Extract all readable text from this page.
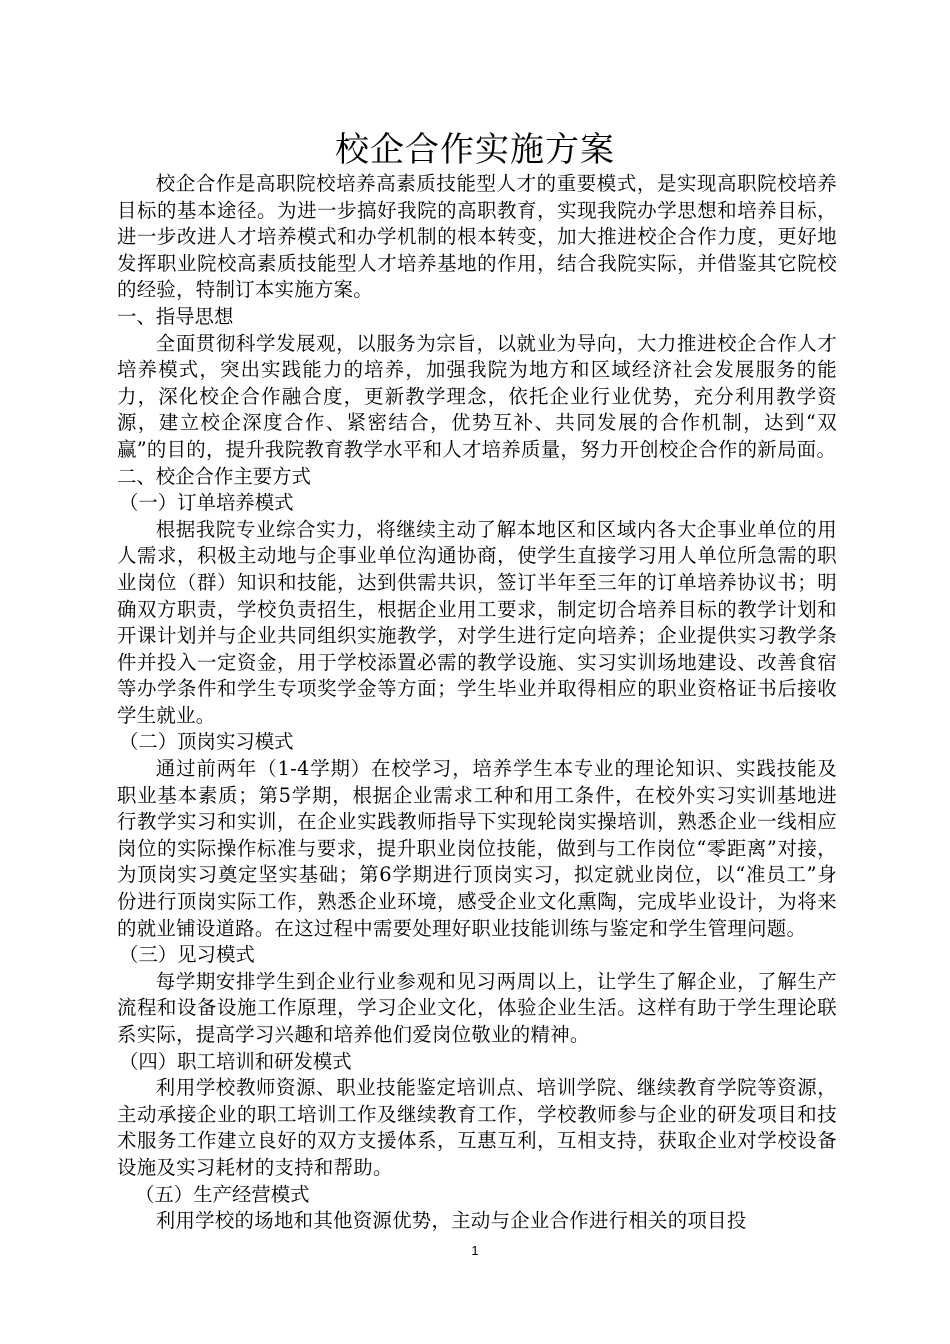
校企合作实施方案

校企合作是高职院校培养高素质技能型人才的重要模式，是实现高职院校培养目标的基本途径。为进一步搞好我院的高职教育，实现我院办学思想和培养目标，进一步改进人才培养模式和办学机制的根本转变，加大推进校企合作力度，更好地发挥职业院校高素质技能型人才培养基地的作用，结合我院实际，并借鉴其它院校的经验，特制订本实施方案。

一、指导思想

全面贯彻科学发展观，以服务为宗旨，以就业为导向，大力推进校企合作人才培养模式，突出实践能力的培养，加强我院为地方和区域经济社会发展服务的能力，深化校企合作融合度，更新教学理念，依托企业行业优势，充分利用教学资源，建立校企深度合作、紧密结合，优势互补、共同发展的合作机制，达到“双赢”的目的，提升我院教育教学水平和人才培养质量，努力开创校企合作的新局面。

二、校企合作主要方式

（一）订单培养模式

根据我院专业综合实力，将继续主动了解本地区和区域内各大企事业单位的用人需求，积极主动地与企事业单位沟通协商，使学生直接学习用人单位所急需的职业岗位（群）知识和技能，达到供需共识，签订半年至三年的订单培养协议书；明确双方职责，学校负责招生，根据企业用工要求，制定切合培养目标的教学计划和开课计划并与企业共同组织实施教学，对学生进行定向培养；企业提供实习教学条件并投入一定资金，用于学校添置必需的教学设施、实习实训场地建设、改善食宿等办学条件和学生专项奖学金等方面；学生毕业并取得相应的职业资格证书后接收学生就业。

（二）顶岗实习模式

通过前两年（1-4学期）在校学习，培养学生本专业的理论知识、实践技能及职业基本素质；第5学期，根据企业需求工种和用工条件，在校外实习实训基地进行教学实习和实训，在企业实践教师指导下实现轮岗实操培训，熟悉企业一线相应岗位的实际操作标准与要求，提升职业岗位技能，做到与工作岗位“零距离”对接，为顶岗实习奠定坚实基础；第6学期进行顶岗实习，拟定就业岗位，以“准员工”身份进行顶岗实际工作，熟悉企业环境，感受企业文化熏陶，完成毕业设计，为将来的就业铺设道路。在这过程中需要处理好职业技能训练与鉴定和学生管理问题。

（三）见习模式

每学期安排学生到企业行业参观和见习两周以上，让学生了解企业，了解生产流程和设备设施工作原理，学习企业文化，体验企业生活。这样有助于学生理论联系实际，提高学习兴趣和培养他们爱岗位敬业的精神。

（四）职工培训和研发模式

利用学校教师资源、职业技能鉴定培训点、培训学院、继续教育学院等资源，主动承接企业的职工培训工作及继续教育工作，学校教师参与企业的研发项目和技术服务工作建立良好的双方支援体系，互惠互利，互相支持，获取企业对学校设备设施及实习耗材的支持和帮助。

（五）生产经营模式

利用学校的场地和其他资源优势，主动与企业合作进行相关的项目投

1
